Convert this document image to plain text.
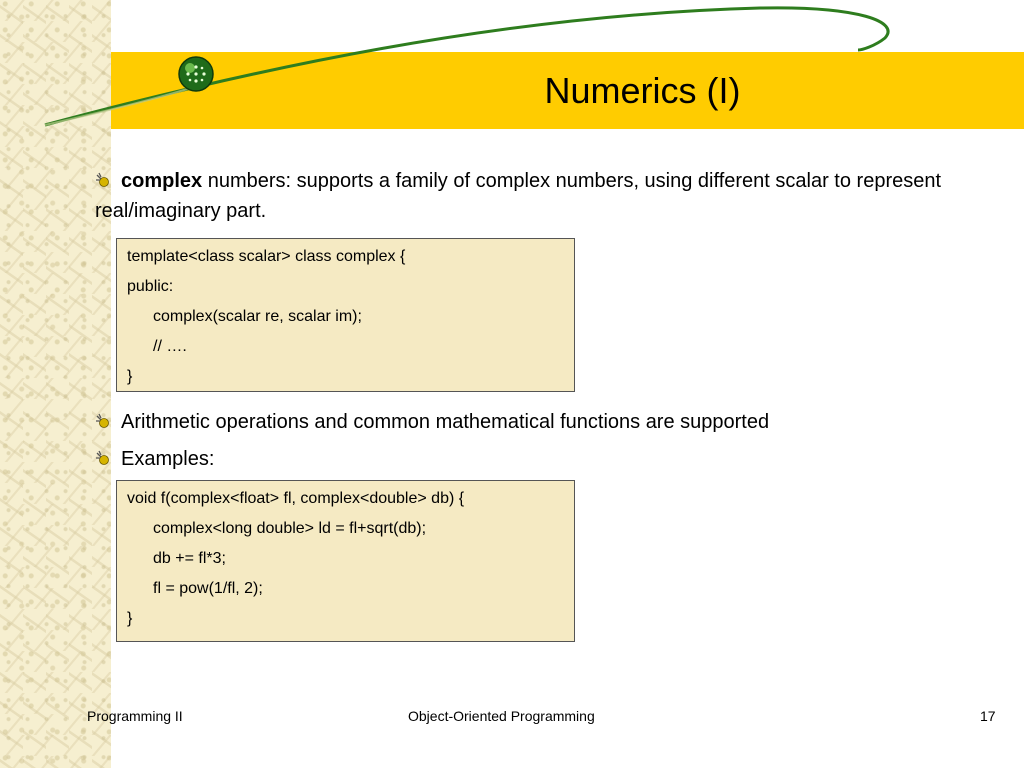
Numerics (I)
complex numbers: supports a family of complex numbers, using different scalar to represent real/imaginary part.
template<class scalar> class complex {
public:
complex(scalar re, scalar im);
// ….
}
Arithmetic operations and common mathematical functions are supported
Examples:
void f(complex<float> fl, complex<double> db) {
complex<long double> ld = fl+sqrt(db);
db += fl*3;
fl = pow(1/fl, 2);
}
Programming II	Object-Oriented Programming	17
